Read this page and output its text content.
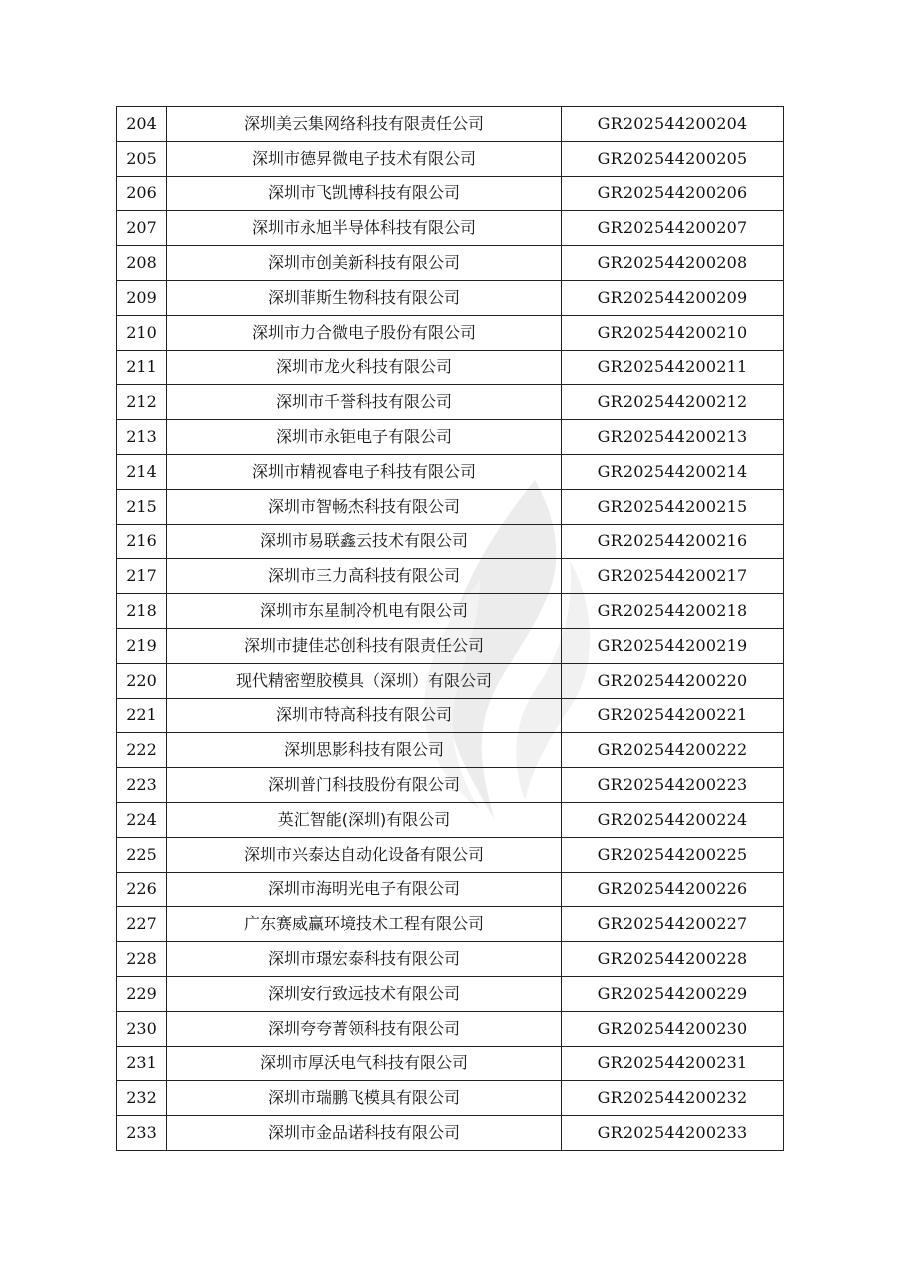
204	深圳美云集网络科技有限责任公司	GR202544200204
205	深圳市德昇微电子技术有限公司	GR202544200205
206	深圳市飞凯博科技有限公司	GR202544200206
207	深圳市永旭半导体科技有限公司	GR202544200207
208	深圳市创美新科技有限公司	GR202544200208
209	深圳菲斯生物科技有限公司	GR202544200209
210	深圳市力合微电子股份有限公司	GR202544200210
211	深圳市龙火科技有限公司	GR202544200211
212	深圳市千誉科技有限公司	GR202544200212
213	深圳市永钜电子有限公司	GR202544200213
214	深圳市精视睿电子科技有限公司	GR202544200214
215	深圳市智畅杰科技有限公司	GR202544200215
216	深圳市易联鑫云技术有限公司	GR202544200216
217	深圳市三力高科技有限公司	GR202544200217
218	深圳市东星制冷机电有限公司	GR202544200218
219	深圳市捷佳芯创科技有限责任公司	GR202544200219
220	现代精密塑胶模具（深圳）有限公司	GR202544200220
221	深圳市特高科技有限公司	GR202544200221
222	深圳思影科技有限公司	GR202544200222
223	深圳普门科技股份有限公司	GR202544200223
224	英汇智能(深圳)有限公司	GR202544200224
225	深圳市兴泰达自动化设备有限公司	GR202544200225
226	深圳市海明光电子有限公司	GR202544200226
227	广东赛威赢环境技术工程有限公司	GR202544200227
228	深圳市璟宏泰科技有限公司	GR202544200228
229	深圳安行致远技术有限公司	GR202544200229
230	深圳夸夸菁领科技有限公司	GR202544200230
231	深圳市厚沃电气科技有限公司	GR202544200231
232	深圳市瑞鹏飞模具有限公司	GR202544200232
233	深圳市金品诺科技有限公司	GR202544200233
